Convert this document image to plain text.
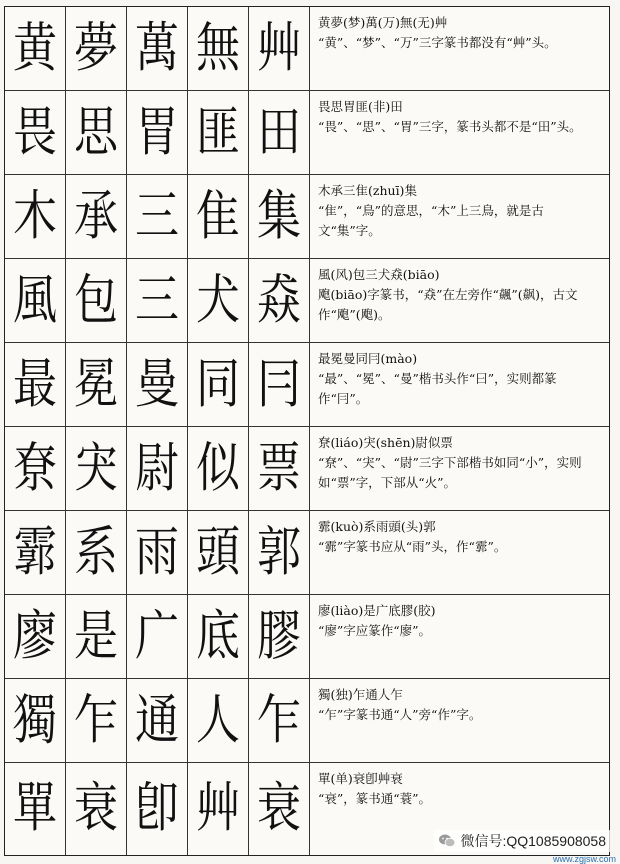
黄 夢 萬 無 艸 黄夢(梦)萬(万)無(无)艸
“黄”、“梦”、“万”三字篆书都没有“艸”头。
畏 思 胃 匪 田 畏思胃匪(非)田
“畏”、“思”、“胃”三字，篆书头都不是“田”头。
木 承 三 隹 集 木承三隹(zhuī)集
“隹”，“鳥”的意思，“木”上三鳥，就是古文“集”字。
風 包 三 犬 猋 風(风)包三犬猋(biāo)
飑(biāo)字篆书，“猋”在左旁作“飆”(飙)，古文作“飑”(飑)。
最 冕 曼 同 冃 最冕曼同冃(mào)
“最”、“冕”、“曼”楷书头作“曰”，实则都篆作“冃”。
尞 宊 尉 似 票 尞(liáo)宊(shēn)尉似票
“尞”、“宊”、“尉”三字下部楷书如同“小”，实则如“票”字，下部从“火”。
霩 系 雨 頭 郭 霩(kuò)系雨頭(头)郭
“霩”字篆书应从“雨”头，作“霩”。
廖 是 广 底 膠 廖(liào)是广底膠(胶)
“廖”字应篆作“廖”。
獨 乍 通 人 乍 獨(独)乍通人乍
“乍”字篆书通“人”旁“作”字。
單 衰 卽 艸 衰 單(单)衰卽艸衰
“衰”，篆书通“蓑”。
微信号:QQ1085908058
www.zgjsw.com
